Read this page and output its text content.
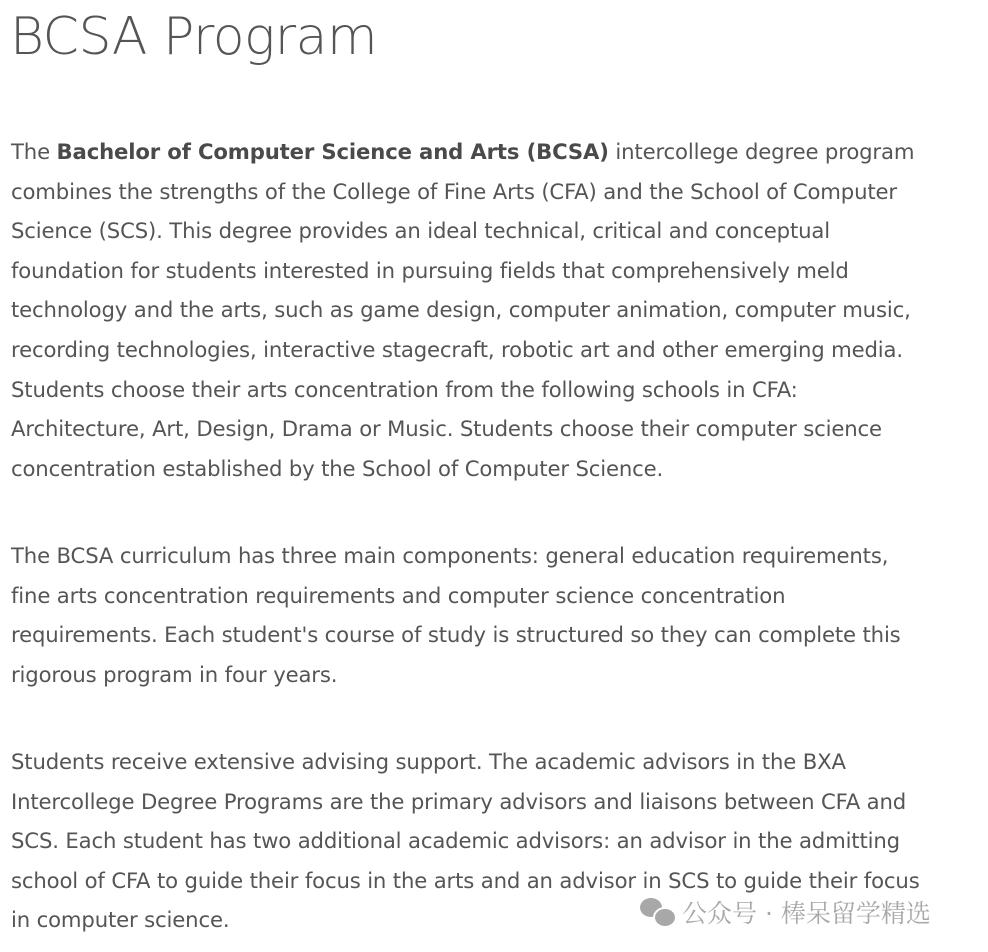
BCSA Program
The Bachelor of Computer Science and Arts (BCSA) intercollege degree program
combines the strengths of the College of Fine Arts (CFA) and the School of Computer
Science (SCS). This degree provides an ideal technical, critical and conceptual
foundation for students interested in pursuing fields that comprehensively meld
technology and the arts, such as game design, computer animation, computer music,
recording technologies, interactive stagecraft, robotic art and other emerging media.
Students choose their arts concentration from the following schools in CFA:
Architecture, Art, Design, Drama or Music. Students choose their computer science
concentration established by the School of Computer Science.
The BCSA curriculum has three main components: general education requirements,
fine arts concentration requirements and computer science concentration
requirements. Each student's course of study is structured so they can complete this
rigorous program in four years.
Students receive extensive advising support. The academic advisors in the BXA
Intercollege Degree Programs are the primary advisors and liaisons between CFA and
SCS. Each student has two additional academic advisors: an advisor in the admitting
school of CFA to guide their focus in the arts and an advisor in SCS to guide their focus
in computer science.	公众号 · 棒呆留学精选
